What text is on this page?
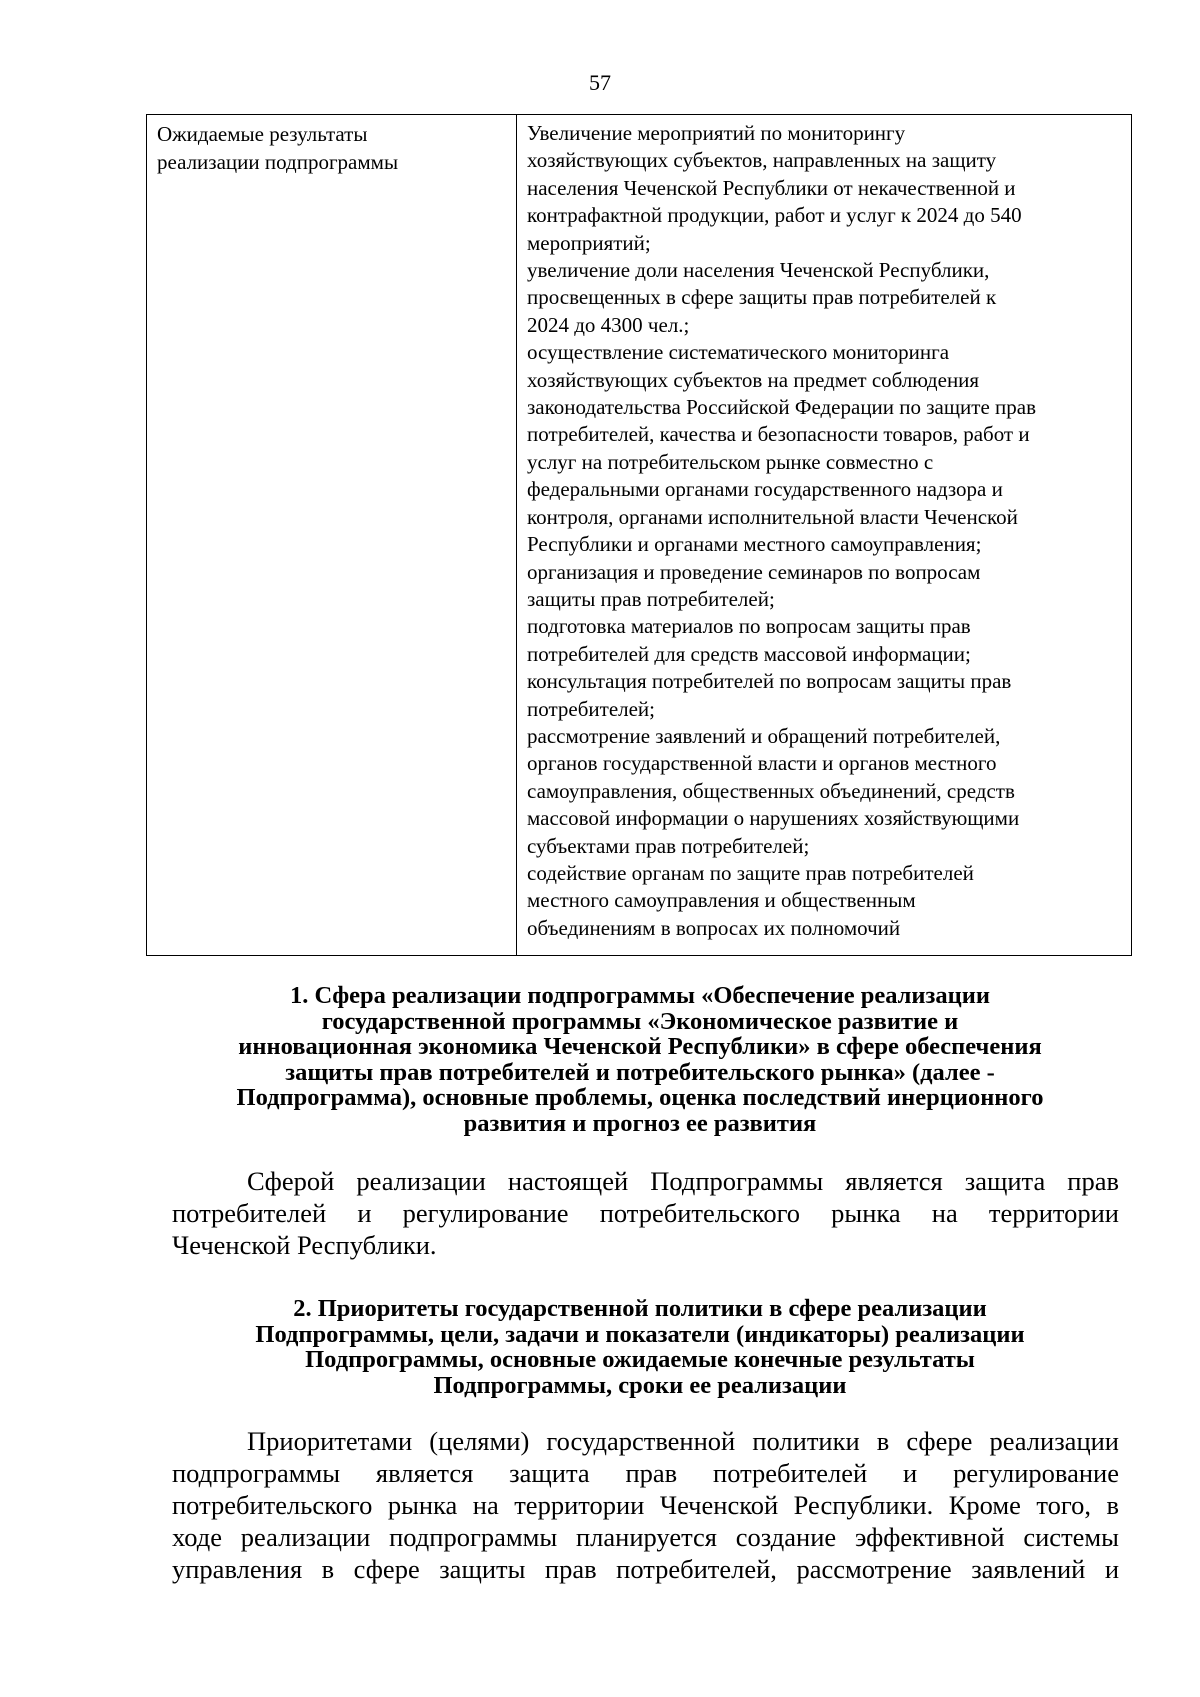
57
Ожидаемые результаты
реализации подпрограммы
Увеличение мероприятий по мониторингу
хозяйствующих субъектов, направленных на защиту
населения Чеченской Республики от некачественной и
контрафактной продукции, работ и услуг к 2024 до 540
мероприятий;
увеличение доли населения Чеченской Республики,
просвещенных в сфере защиты прав потребителей к
2024 до 4300 чел.;
осуществление систематического мониторинга
хозяйствующих субъектов на предмет соблюдения
законодательства Российской Федерации по защите прав
потребителей, качества и безопасности товаров, работ и
услуг на потребительском рынке совместно с
федеральными органами государственного надзора и
контроля, органами исполнительной власти Чеченской
Республики и органами местного самоуправления;
организация и проведение семинаров по вопросам
защиты прав потребителей;
подготовка материалов по вопросам защиты прав
потребителей для средств массовой информации;
консультация потребителей по вопросам защиты прав
потребителей;
рассмотрение заявлений и обращений потребителей,
органов государственной власти и органов местного
самоуправления, общественных объединений, средств
массовой информации о нарушениях хозяйствующими
субъектами прав потребителей;
содействие органам по защите прав потребителей
местного самоуправления и общественным
объединениям в вопросах их полномочий
1. Сфера реализации подпрограммы «Обеспечение реализации
государственной программы «Экономическое развитие и
инновационная экономика Чеченской Республики» в сфере обеспечения
защиты прав потребителей и потребительского рынка» (далее -
Подпрограмма), основные проблемы, оценка последствий инерционного
развития и прогноз ее развития
Сферой реализации настоящей Подпрограммы является защита прав
потребителей и регулирование потребительского рынка на территории
Чеченской Республики.
2. Приоритеты государственной политики в сфере реализации
Подпрограммы, цели, задачи и показатели (индикаторы) реализации
Подпрограммы, основные ожидаемые конечные результаты
Подпрограммы, сроки ее реализации
Приоритетами (целями) государственной политики в сфере реализации
подпрограммы является защита прав потребителей и регулирование
потребительского рынка на территории Чеченской Республики. Кроме того, в
ходе реализации подпрограммы планируется создание эффективной системы
управления в сфере защиты прав потребителей, рассмотрение заявлений и
